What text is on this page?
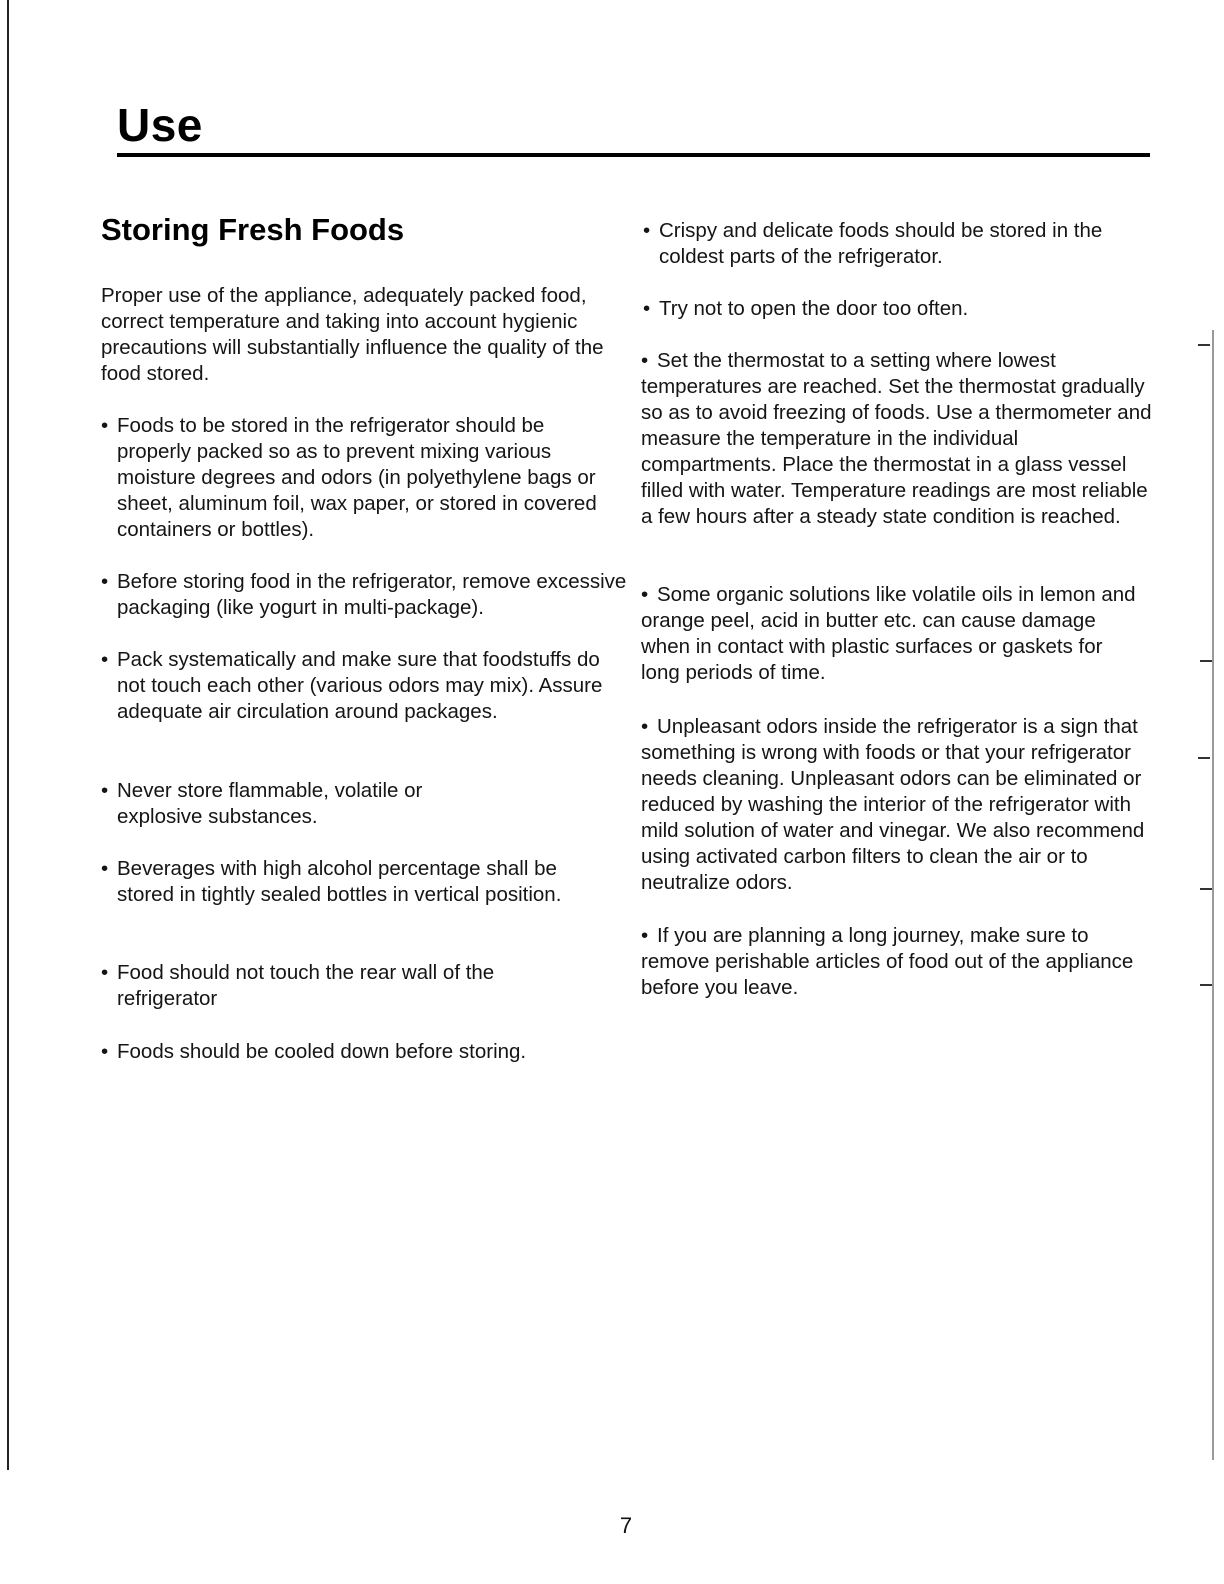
Use
Storing Fresh Foods

Proper use of the appliance, adequately packed food, correct temperature and taking into account hygienic precautions will substantially influence the quality of the food stored.

• Foods to be stored in the refrigerator should be properly packed so as to prevent mixing various moisture degrees and odors (in polyethylene bags or sheet, aluminum foil, wax paper, or stored in covered containers or bottles).

• Before storing food in the refrigerator, remove excessive packaging (like yogurt in multi-package).

• Pack systematically and make sure that foodstuffs do not touch each other (various odors may mix). Assure adequate air circulation around packages.

• Never store flammable, volatile or explosive substances.

• Beverages with high alcohol percentage shall be stored in tightly sealed bottles in vertical position.

• Food should not touch the rear wall of the refrigerator

• Foods should be cooled down before storing.

• Crispy and delicate foods should be stored in the coldest parts of the refrigerator.

• Try not to open the door too often.

• Set the thermostat to a setting where lowest temperatures are reached. Set the thermostat gradually so as to avoid freezing of foods. Use a thermometer and measure the temperature in the individual compartments. Place the thermostat in a glass vessel filled with water. Temperature readings are most reliable a few hours after a steady state condition is reached.

• Some organic solutions like volatile oils in lemon and orange peel, acid in butter etc. can cause damage when in contact with plastic surfaces or gaskets for long periods of time.

• Unpleasant odors inside the refrigerator is a sign that something is wrong with foods or that your refrigerator needs cleaning. Unpleasant odors can be eliminated or reduced by washing the interior of the refrigerator with mild solution of water and vinegar. We also recommend using activated carbon filters to clean the air or to neutralize odors.

• If you are planning a long journey, make sure to remove perishable articles of food out of the appliance before you leave.

7
